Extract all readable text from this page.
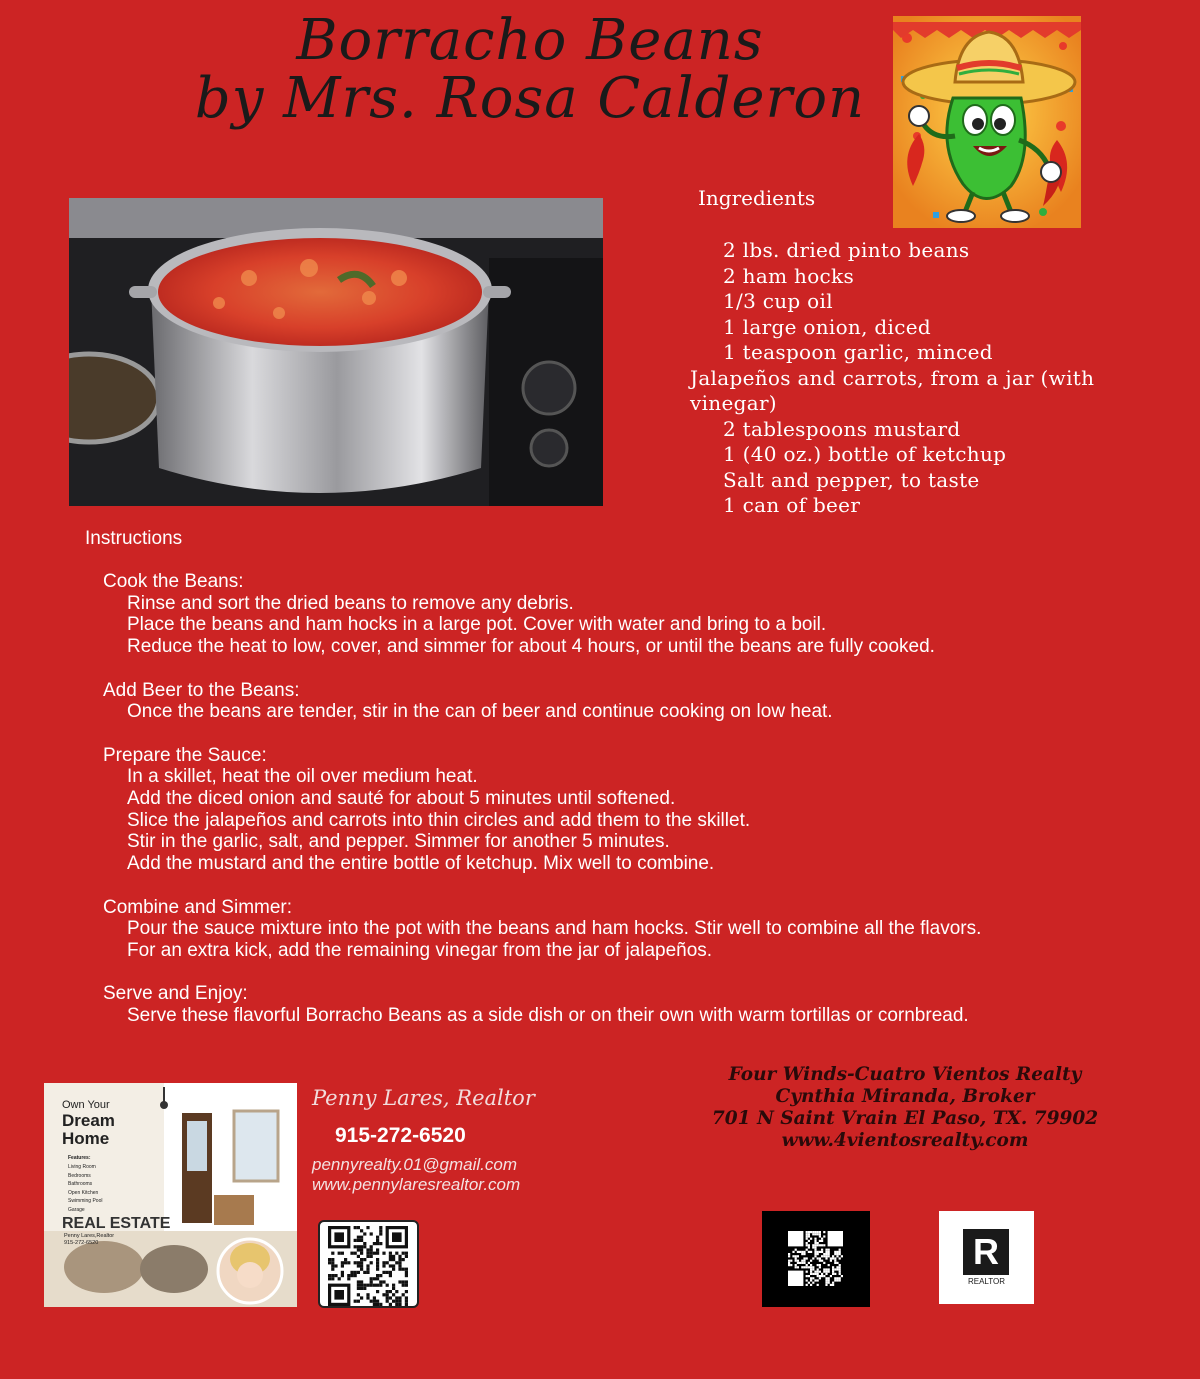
Borracho Beans
by Mrs. Rosa Calderon
Ingredients
2 lbs. dried pinto beans
2 ham hocks
1/3 cup oil
1 large onion, diced
1 teaspoon garlic, minced
Jalapeños and carrots, from a jar (with vinegar)
2 tablespoons mustard
1 (40 oz.) bottle of ketchup
Salt and pepper, to taste
1 can of beer
Instructions
Cook the Beans:
Rinse and sort the dried beans to remove any debris.
Place the beans and ham hocks in a large pot. Cover with water and bring to a boil.
Reduce the heat to low, cover, and simmer for about 4 hours, or until the beans are fully cooked.
Add Beer to the Beans:
Once the beans are tender, stir in the can of beer and continue cooking on low heat.
Prepare the Sauce:
In a skillet, heat the oil over medium heat.
Add the diced onion and sauté for about 5 minutes until softened.
Slice the jalapeños and carrots into thin circles and add them to the skillet.
Stir in the garlic, salt, and pepper. Simmer for another 5 minutes.
Add the mustard and the entire bottle of ketchup. Mix well to combine.
Combine and Simmer:
Pour the sauce mixture into the pot with the beans and ham hocks. Stir well to combine all the flavors.
For an extra kick, add the remaining vinegar from the jar of jalapeños.
Serve and Enjoy:
Serve these flavorful Borracho Beans as a side dish or on their own with warm tortillas or cornbread.
Own Your
Dream
Home
Features:
Living Room
Bedrooms
Bathrooms
Open Kitchen
Swimming Pool
Garage
REAL ESTATE
Penny Lares,Realtor
915-272-6520
Penny Lares, Realtor
915-272-6520
pennyrealty.01@gmail.com
www.pennylaresrealtor.com
Four Winds-Cuatro Vientos Realty
Cynthia Miranda, Broker
701 N Saint Vrain El Paso, TX. 79902
www.4vientosrealty.com
R
REALTOR
